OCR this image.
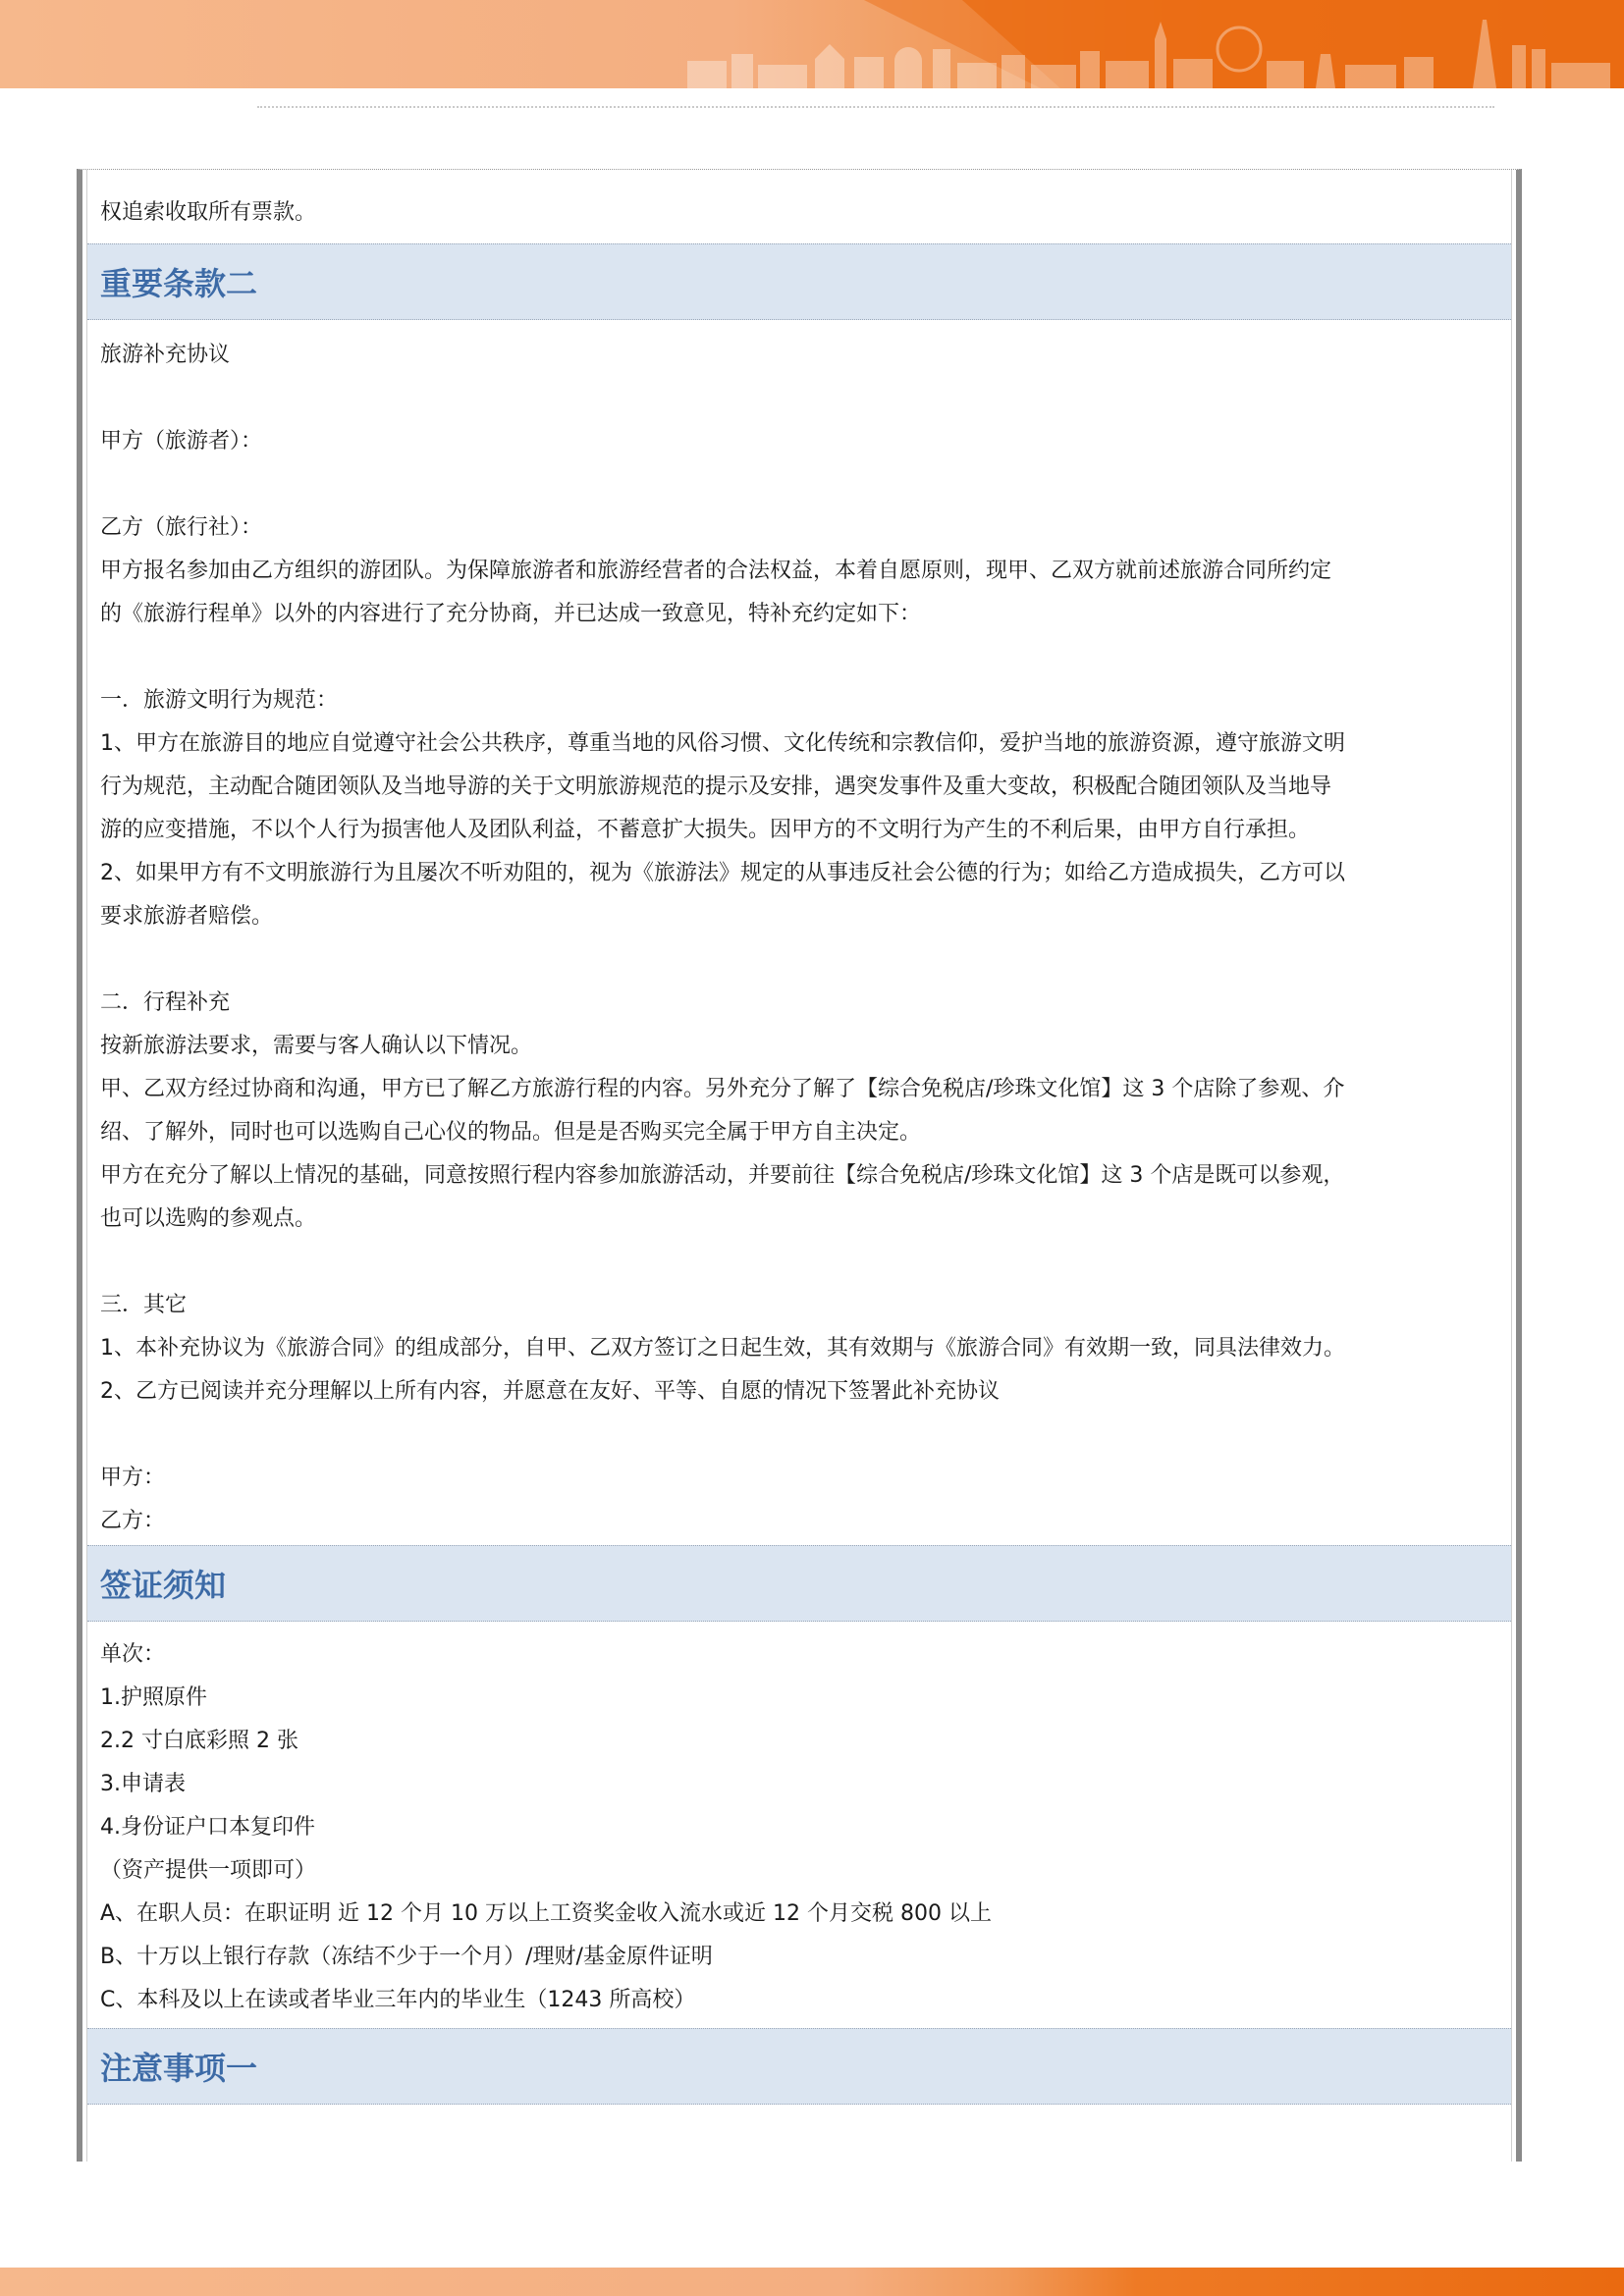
权追索收取所有票款。

重要条款二

旅游补充协议

甲方（旅游者）：

乙方（旅行社）：

甲方报名参加由乙方组织的游团队。为保障旅游者和旅游经营者的合法权益，本着自愿原则，现甲、乙双方就前述旅游合同所约定

的《旅游行程单》以外的内容进行了充分协商，并已达成一致意见，特补充约定如下：

一．旅游文明行为规范：

1、甲方在旅游目的地应自觉遵守社会公共秩序，尊重当地的风俗习惯、文化传统和宗教信仰，爱护当地的旅游资源，遵守旅游文明

行为规范，主动配合随团领队及当地导游的关于文明旅游规范的提示及安排，遇突发事件及重大变故，积极配合随团领队及当地导

游的应变措施，不以个人行为损害他人及团队利益，不蓄意扩大损失。因甲方的不文明行为产生的不利后果，由甲方自行承担。

2、如果甲方有不文明旅游行为且屡次不听劝阻的，视为《旅游法》规定的从事违反社会公德的行为；如给乙方造成损失，乙方可以

要求旅游者赔偿。

二．行程补充

按新旅游法要求，需要与客人确认以下情况。

甲、乙双方经过协商和沟通，甲方已了解乙方旅游行程的内容。另外充分了解了【综合免税店/珍珠文化馆】这 3 个店除了参观、介

绍、了解外，同时也可以选购自己心仪的物品。但是是否购买完全属于甲方自主决定。

甲方在充分了解以上情况的基础，同意按照行程内容参加旅游活动，并要前往【综合免税店/珍珠文化馆】这 3 个店是既可以参观，

也可以选购的参观点。

三．其它

1、本补充协议为《旅游合同》的组成部分，自甲、乙双方签订之日起生效，其有效期与《旅游合同》有效期一致，同具法律效力。

2、乙方已阅读并充分理解以上所有内容，并愿意在友好、平等、自愿的情况下签署此补充协议

甲方：

乙方：

签证须知

单次：

1.护照原件

2.2 寸白底彩照 2 张

3.申请表

4.身份证户口本复印件

（资产提供一项即可）

A、在职人员：在职证明 近 12 个月 10 万以上工资奖金收入流水或近 12 个月交税 800 以上

B、十万以上银行存款（冻结不少于一个月）/理财/基金原件证明

C、本科及以上在读或者毕业三年内的毕业生（1243 所高校）

注意事项一
